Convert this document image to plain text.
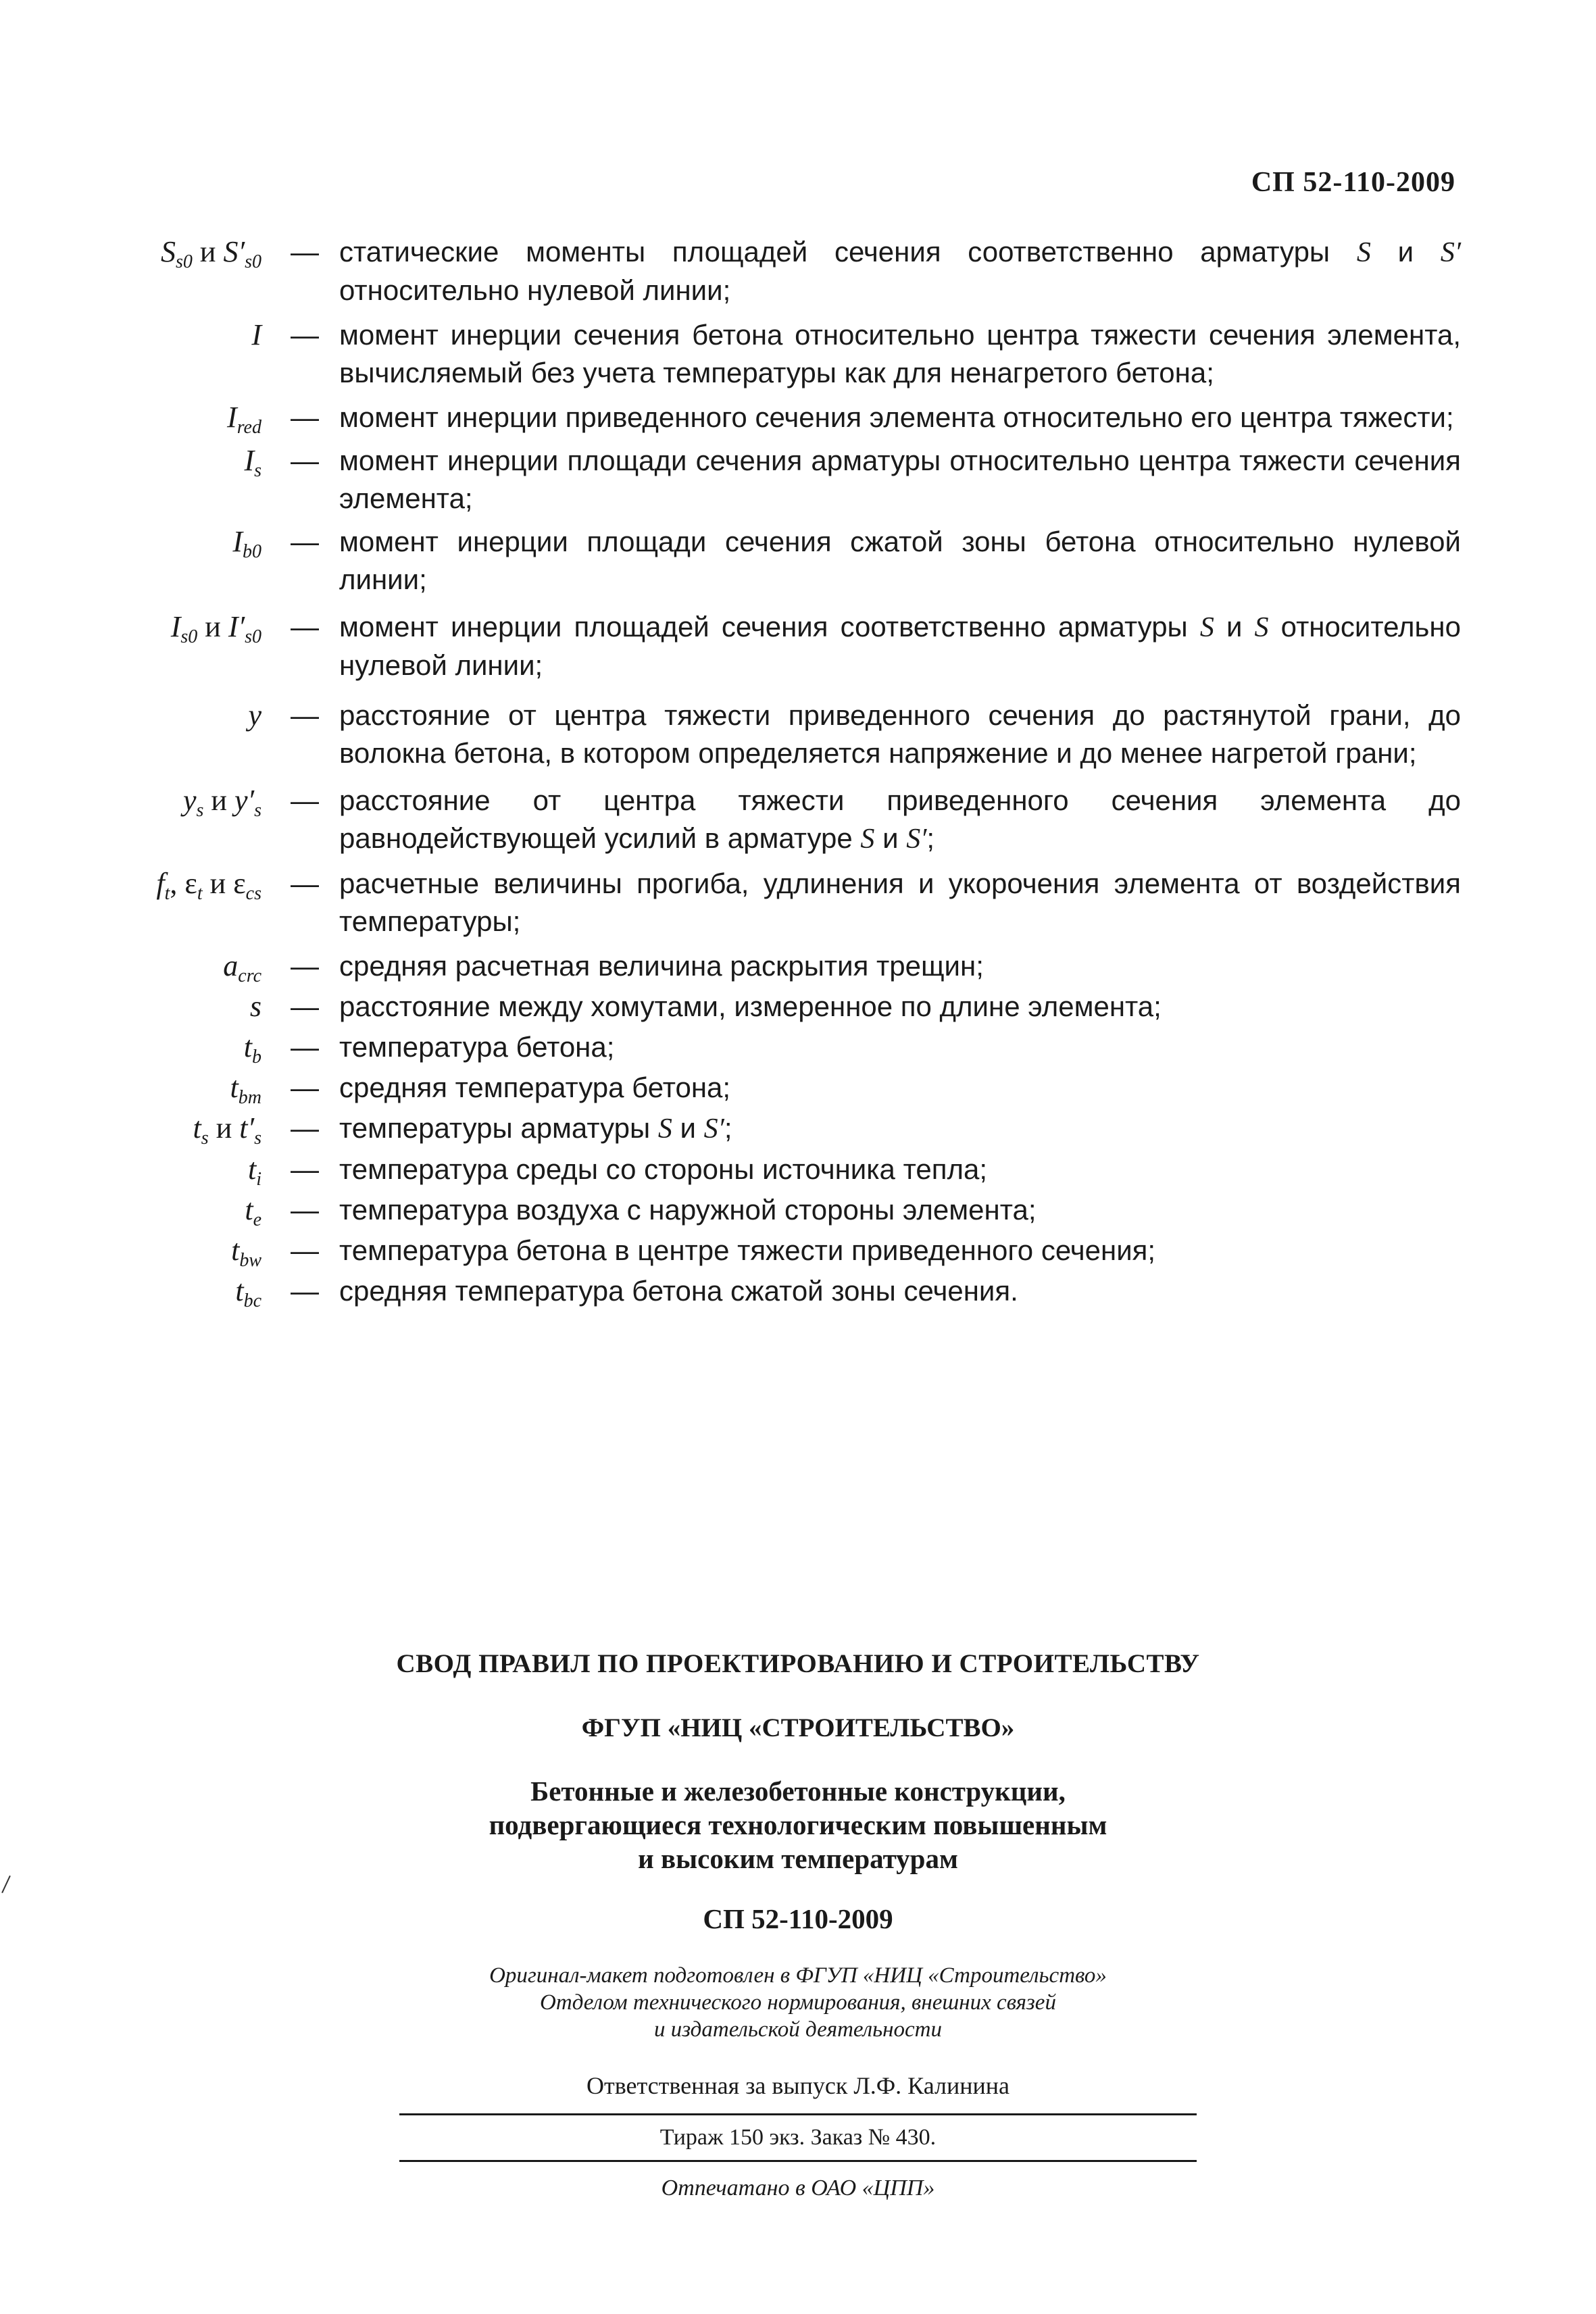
СП 52-110-2009
$S_{s0}$ и $S'_{s0}$ — статические моменты площадей сечения соответственно арматуры S и S′ относительно нулевой линии;
I — момент инерции сечения бетона относительно центра тяжести сечения элемента, вычисляемый без учета температуры как для ненагретого бетона;
$I_{red}$ — момент инерции приведенного сечения элемента относительно его центра тяжести;
$I_s$ — момент инерции площади сечения арматуры относительно центра тяжести сечения элемента;
$I_{b0}$ — момент инерции площади сечения сжатой зоны бетона относительно нулевой линии;
$I_{s0}$ и $I'_{s0}$ — момент инерции площадей сечения соответственно арматуры S и S относительно нулевой линии;
y — расстояние от центра тяжести приведенного сечения до растянутой грани, до волокна бетона, в котором определяется напряжение и до менее нагретой грани;
$y_s$ и $y'_s$ — расстояние от центра тяжести приведенного сечения элемента до равнодействующей усилий в арматуре S и S′;
$f_t$, $\varepsilon_t$ и $\varepsilon_{cs}$ — расчетные величины прогиба, удлинения и укорочения элемента от воздействия температуры;
$a_{crc}$ — средняя расчетная величина раскрытия трещин;
s — расстояние между хомутами, измеренное по длине элемента;
$t_b$ — температура бетона;
$t_{bm}$ — средняя температура бетона;
$t_s$ и $t'_s$ — температуры арматуры S и S′;
$t_i$ — температура среды со стороны источника тепла;
$t_e$ — температура воздуха с наружной стороны элемента;
$t_{bw}$ — температура бетона в центре тяжести приведенного сечения;
$t_{bc}$ — средняя температура бетона сжатой зоны сечения.
СВОД ПРАВИЛ ПО ПРОЕКТИРОВАНИЮ И СТРОИТЕЛЬСТВУ
ФГУП «НИЦ «СТРОИТЕЛЬСТВО»
Бетонные и железобетонные конструкции,
подвергающиеся технологическим повышенным
и высоким температурам
СП 52-110-2009
Оригинал-макет подготовлен в ФГУП «НИЦ «Строительство»
Отделом технического нормирования, внешних связей
и издательской деятельности
Ответственная за выпуск Л.Ф. Калинина
Тираж 150 экз. Заказ № 430.
Отпечатано в ОАО «ЦПП»
